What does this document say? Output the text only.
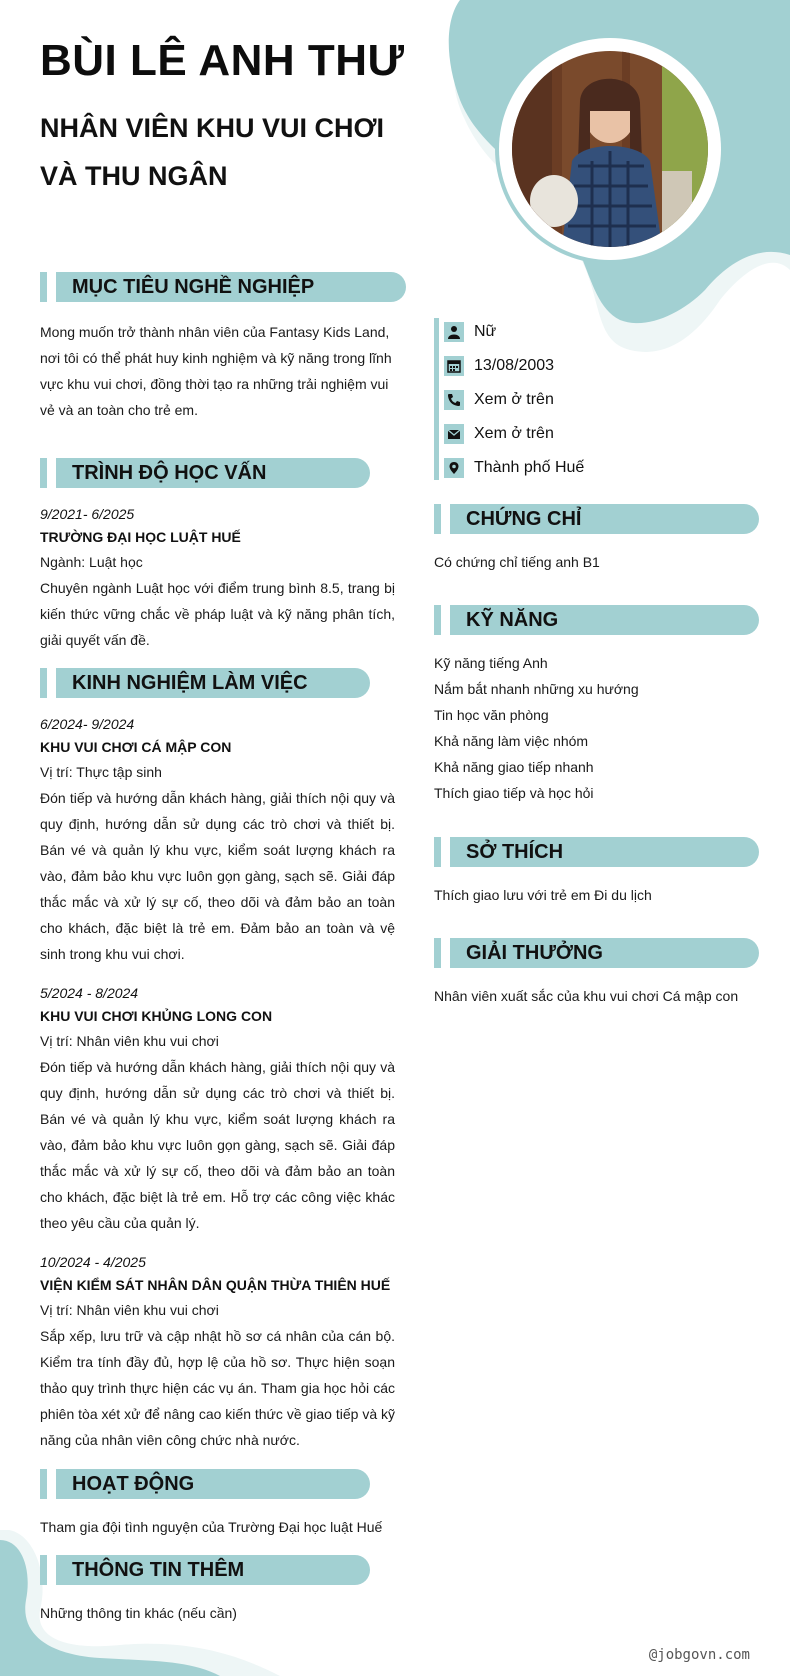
BÙI LÊ ANH THƯ
NHÂN VIÊN KHU VUI CHƠI VÀ THU NGÂN
MỤC TIÊU NGHỀ NGHIỆP
Mong muốn trở thành nhân viên của Fantasy Kids Land, nơi tôi có thể phát huy kinh nghiệm và kỹ năng trong lĩnh vực khu vui chơi, đồng thời tạo ra những trải nghiệm vui vẻ và an toàn cho trẻ em.
TRÌNH ĐỘ HỌC VẤN
9/2021- 6/2025
TRƯỜNG ĐẠI HỌC LUẬT HUẾ
Ngành: Luật học
Chuyên ngành Luật học với điểm trung bình 8.5, trang bị kiến thức vững chắc về pháp luật và kỹ năng phân tích, giải quyết vấn đề.
KINH NGHIỆM LÀM VIỆC
6/2024- 9/2024
KHU VUI CHƠI CÁ MẬP CON
Vị trí: Thực tập sinh
Đón tiếp và hướng dẫn khách hàng, giải thích nội quy và quy định, hướng dẫn sử dụng các trò chơi và thiết bị. Bán vé và quản lý khu vực, kiểm soát lượng khách ra vào, đảm bảo khu vực luôn gọn gàng, sạch sẽ. Giải đáp thắc mắc và xử lý sự cố, theo dõi và đảm bảo an toàn cho khách, đặc biệt là trẻ em. Đảm bảo an toàn và vệ sinh trong khu vui chơi.
5/2024 - 8/2024
KHU VUI CHƠI KHỦNG LONG CON
Vị trí: Nhân viên khu vui chơi
Đón tiếp và hướng dẫn khách hàng, giải thích nội quy và quy định, hướng dẫn sử dụng các trò chơi và thiết bị. Bán vé và quản lý khu vực, kiểm soát lượng khách ra vào, đảm bảo khu vực luôn gọn gàng, sạch sẽ. Giải đáp thắc mắc và xử lý sự cố, theo dõi và đảm bảo an toàn cho khách, đặc biệt là trẻ em. Hỗ trợ các công việc khác theo yêu cầu của quản lý.
10/2024 - 4/2025
VIỆN KIỂM SÁT NHÂN DÂN QUẬN THỪA THIÊN HUẾ
Vị trí: Nhân viên khu vui chơi
Sắp xếp, lưu trữ và cập nhật hồ sơ cá nhân của cán bộ. Kiểm tra tính đầy đủ, hợp lệ của hồ sơ. Thực hiện soạn thảo quy trình thực hiện các vụ án. Tham gia học hỏi các phiên tòa xét xử để nâng cao kiến thức về giao tiếp và kỹ năng của nhân viên công chức nhà nước.
HOẠT ĐỘNG
Tham gia đội tình nguyện của Trường Đại học luật Huế
THÔNG TIN THÊM
Những thông tin khác (nếu cần)
Nữ
13/08/2003
Xem ở trên
Xem ở trên
Thành phố Huế
CHỨNG CHỈ
Có chứng chỉ tiếng anh B1
KỸ NĂNG
Kỹ năng tiếng Anh
Nắm bắt nhanh những xu hướng
Tin học văn phòng
Khả năng làm việc nhóm
Khả năng giao tiếp nhanh
Thích giao tiếp và học hỏi
SỞ THÍCH
Thích giao lưu với trẻ em Đi du lịch
GIẢI THƯỞNG
Nhân viên xuất sắc của khu vui chơi Cá mập con
@jobgovn.com
